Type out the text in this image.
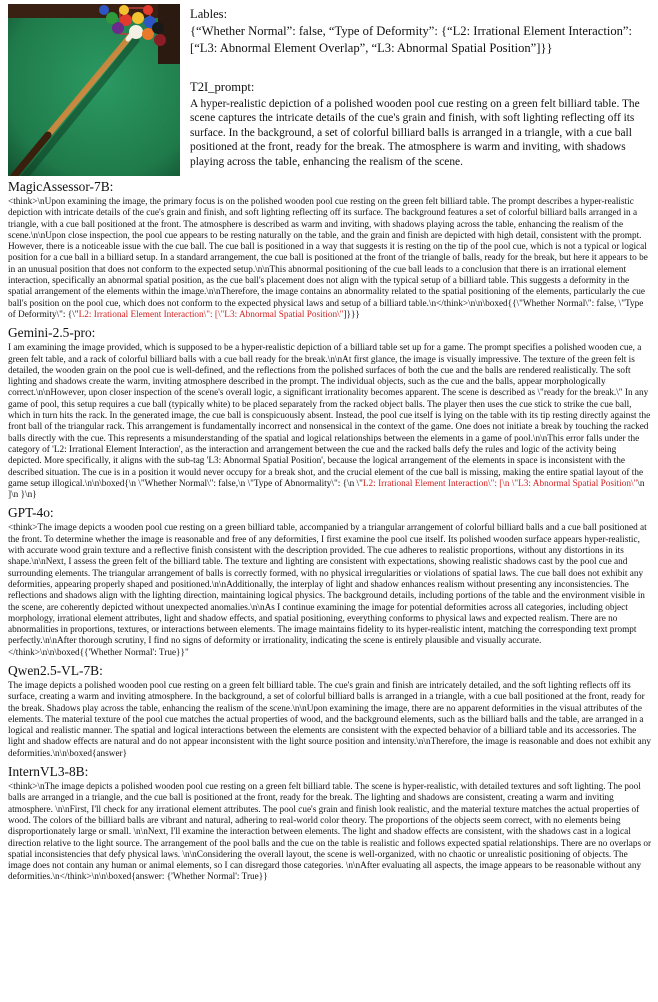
Lables:

{“Whether Normal”: false, “Type of Deformity”: {“L2: Irrational Element Interaction”: [“L3: Abnormal Element Overlap”, “L3: Abnormal Spatial Position”]}}

T2I_prompt:

A hyper-realistic depiction of a polished wooden pool cue resting on a green felt billiard table. The scene captures the intricate details of the cue's grain and finish, with soft lighting reflecting off its surface. In the background, a set of colorful billiard balls is arranged in a triangle, with a cue ball positioned at the front, ready for the break. The atmosphere is warm and inviting, with shadows playing across the table, enhancing the realism of the scene.

MagicAssessor-7B:

<think>\nUpon examining the image, the primary focus is on the polished wooden pool cue resting on the green felt billiard table. The prompt describes a hyper-realistic depiction with intricate details of the cue's grain and finish, and soft lighting reflecting off its surface. The background features a set of colorful billiard balls arranged in a triangle, with a cue ball positioned at the front. The atmosphere is described as warm and inviting, with shadows playing across the table, enhancing the realism of the scene.\n\nUpon close inspection, the pool cue appears to be resting naturally on the table, and the grain and finish are depicted with high detail, consistent with the prompt. However, there is a noticeable issue with the cue ball. The cue ball is positioned in a way that suggests it is resting on the tip of the pool cue, which is not a typical or logical position for a cue ball in a billiard setup. In a standard arrangement, the cue ball is positioned at the front of the triangle of balls, ready for the break, but here it appears to be in an unusual position that does not conform to the expected setup.\n\nThis abnormal positioning of the cue ball leads to a conclusion that there is an irrational element interaction, specifically an abnormal spatial position, as the cue ball's placement does not align with the typical setup of a billiard table. This suggests a deformity in the spatial arrangement of the elements within the image.\n\nTherefore, the image contains an abnormality related to the spatial positioning of the elements, particularly the cue ball's position on the pool cue, which does not conform to the expected physical laws and setup of a billiard table.\n</think>\n\n\boxed{{\"Whether Normal\": false, \"Type of Deformity\": {\"L2: Irrational Element Interaction\": [\"L3: Abnormal Spatial Position\"]}}}

Gemini-2.5-pro:

I am examining the image provided, which is supposed to be a hyper-realistic depiction of a billiard table set up for a game. The prompt specifies a polished wooden cue, a green felt table, and a rack of colorful billiard balls with a cue ball ready for the break.\n\nAt first glance, the image is visually impressive. The texture of the green felt is detailed, the wooden grain on the pool cue is well-defined, and the reflections from the polished surfaces of both the cue and the balls are rendered realistically. The soft lighting and shadows create the warm, inviting atmosphere described in the prompt. The individual objects, such as the cue and the balls, appear morphologically correct.\n\nHowever, upon closer inspection of the scene's overall logic, a significant irrationality becomes apparent. The scene is described as \"ready for the break.\" In any game of pool, this setup requires a cue ball (typically white) to be placed separately from the racked object balls. The player then uses the cue stick to strike the cue ball, which in turn hits the rack. In the generated image, the cue ball is conspicuously absent. Instead, the pool cue itself is lying on the table with its tip resting directly against the front ball of the triangular rack. This arrangement is fundamentally incorrect and nonsensical in the context of the game. One does not initiate a break by touching the racked balls directly with the cue. This represents a misunderstanding of the spatial and logical relationships between the elements in a game of pool.\n\nThis error falls under the category of 'L2: Irrational Element Interaction', as the interaction and arrangement between the cue and the racked balls defy the rules and logic of the activity being depicted. More specifically, it aligns with the sub-tag 'L3: Abnormal Spatial Position', because the logical arrangement of the elements in space is inconsistent with the described situation. The cue is in a position it would never occupy for a break shot, and the crucial element of the cue ball is missing, making the entire spatial layout of the game setup illogical.\n\n\boxed{\n \"Whether Normal\": false,\n \"Type of Abnormality\": {\n \"L2: Irrational Element Interaction\": [\n \"L3: Abnormal Spatial Position\"\n ]\n }\n}

GPT-4o:

<think>The image depicts a wooden pool cue resting on a green billiard table, accompanied by a triangular arrangement of colorful billiard balls and a cue ball positioned at the front. To determine whether the image is reasonable and free of any deformities, I first examine the pool cue itself. Its polished wooden surface appears hyper-realistic, with accurate wood grain texture and a reflective finish consistent with the description provided. The cue adheres to realistic proportions, without any distortions in its shape.\n\nNext, I assess the green felt of the billiard table. The texture and lighting are consistent with expectations, showing realistic shadows cast by the pool cue and surrounding elements. The triangular arrangement of balls is correctly formed, with no physical irregularities or violations of spatial laws. The cue ball does not exhibit any deformities, appearing properly shaped and positioned.\n\nAdditionally, the interplay of light and shadow enhances realism without presenting any inconsistencies. The reflections and shadows align with the lighting direction, maintaining logical physics. The background details, including portions of the table and the environment visible in the scene, are coherently depicted without unexpected anomalies.\n\nAs I continue examining the image for potential deformities across all categories, including object morphology, irrational element attributes, light and shadow effects, and spatial positioning, everything conforms to physical laws and expected realism. There are no abnormalities in proportions, textures, or interactions between elements. The image maintains fidelity to its hyper-realistic intent, matching the corresponding text prompt perfectly.\n\nAfter thorough scrutiny, I find no signs of deformity or irrationality, indicating the scene is entirely plausible and visually accurate.</think>\n\n\boxed{{'Whether Normal': True}}"

Qwen2.5-VL-7B:

The image depicts a polished wooden pool cue resting on a green felt billiard table. The cue's grain and finish are intricately detailed, and the soft lighting reflects off its surface, creating a warm and inviting atmosphere. In the background, a set of colorful billiard balls is arranged in a triangle, with a cue ball positioned at the front, ready for the break. Shadows play across the table, enhancing the realism of the scene.\n\nUpon examining the image, there are no apparent deformities in the visual attributes of the elements. The material texture of the pool cue matches the actual properties of wood, and the background elements, such as the billiard balls and the table, are arranged in a logical and realistic manner. The spatial and logical interactions between the elements are consistent with the expected behavior of a billiard table and its accessories. The light and shadow effects are natural and do not appear inconsistent with the light source position and intensity.\n\nTherefore, the image is reasonable and does not exhibit any deformities.\n\n\boxed{answer}

InternVL3-8B:

<think>\nThe image depicts a polished wooden pool cue resting on a green felt billiard table. The scene is hyper-realistic, with detailed textures and soft lighting. The pool balls are arranged in a triangle, and the cue ball is positioned at the front, ready for the break. The lighting and shadows are consistent, creating a warm and inviting atmosphere. \n\nFirst, I'll check for any irrational element attributes. The pool cue's grain and finish look realistic, and the material texture matches the actual properties of wood. The colors of the billiard balls are vibrant and natural, adhering to real-world color theory. The proportions of the objects seem correct, with no elements being disproportionately large or small. \n\nNext, I'll examine the interaction between elements. The light and shadow effects are consistent, with the shadows cast in a logical direction relative to the light source. The arrangement of the pool balls and the cue on the table is realistic and follows expected spatial relationships. There are no overlaps or spatial inconsistencies that defy physical laws. \n\nConsidering the overall layout, the scene is well-organized, with no chaotic or unrealistic positioning of objects. The image does not contain any human or animal elements, so I can disregard those categories. \n\nAfter evaluating all aspects, the image appears to be reasonable without any deformities.\n</think>\n\n\boxed{answer: {'Whether Normal': True}}
